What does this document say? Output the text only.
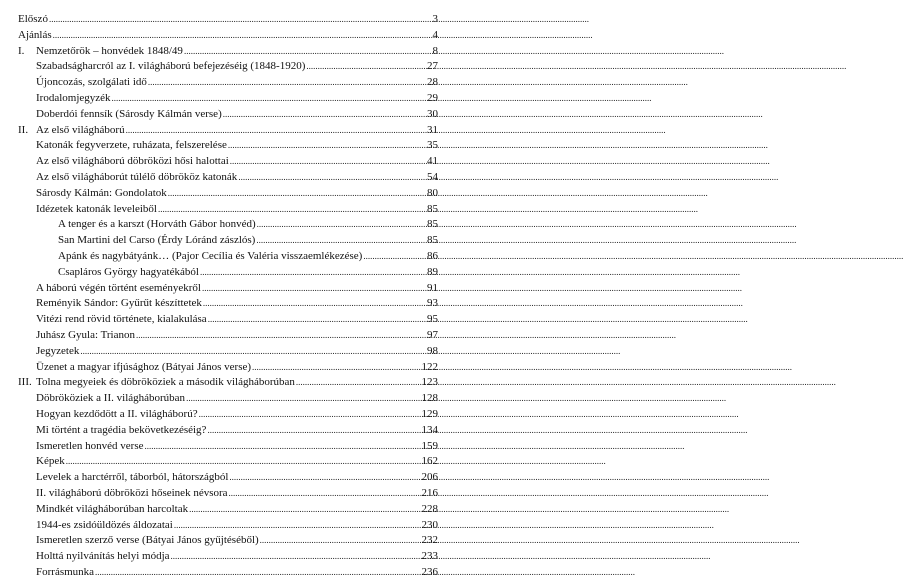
Előszó .....	3
Ajánlás .....	4
I.	Nemzetőrök – honvédek 1848/49 .....	8
Szabadságharcról az I. világháború befejezéséig (1848-1920) .....	27
Újoncozás, szolgálati idő .....	28
Irodalomjegyzék .....	29
Doberdói fennsík (Sárosdy Kálmán verse) .....	30
II. Az első világháború .....	31
Katonák fegyverzete, ruházata, felszerelése .....	35
Az első világháború döbröközi hősi halottai .....	41
Az első világháborút túlélő döbrököz katonák .....	54
Sárosdy Kálmán: Gondolatok .....	80
Idézetek katonák leveleiből .....	85
A tenger és a karszt (Horváth Gábor honvéd) .....	85
San Martini del Carso (Érdy Lóránd zászlós) .....	85
Apánk és nagybátyánk… (Pajor Cecília és Valéria visszaemlékezése) .....	86
Csapláros György hagyatékából .....	89
A háború végén történt eseményekről .....	91
Reményik Sándor: Gyűrűt készíttetek .....	93
Vitézi rend rövid története, kialakulása .....	95
Juhász Gyula: Trianon .....	97
Jegyzetek .....	98
Üzenet a magyar ifjúsághoz (Bátyai János verse) .....	122
III. Tolna megyeiek és döbrököziek a második világháborúban .....	123
Döbrököziek a II. világháborúban .....	128
Hogyan kezdődött a II. világháború? .....	129
Mi történt a tragédia bekövetkezéséig? .....	134
Ismeretlen honvéd verse .....	159
Képek .....	162
Levelek a harctérről, táborból, hátországból .....	206
II. világháború döbröközi hőseinek névsora .....	216
Mindkét világháborúban harcoltak .....	228
1944-es zsidóüldözés áldozatai .....	230
Ismeretlen szerző verse (Bátyai János gyűjtéséből) .....	232
Holttá nyilvánítás helyi módja .....	233
Forrásmunka .....	236
